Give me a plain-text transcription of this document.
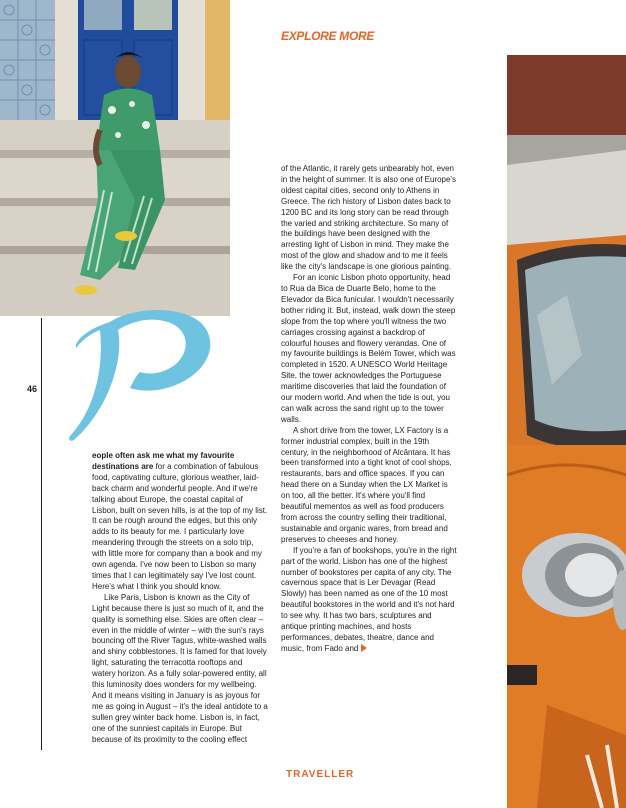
EXPLORE MORE
46

eople often ask me what my favourite destinations are for a combination of fabulous food, captivating culture, glorious weather, laid-back charm and wonderful people. And if we're talking about Europe, the coastal capital of Lisbon, built on seven hills, is at the top of my list. It can be rough around the edges, but this only adds to its beauty for me. I particularly love meandering through the streets on a solo trip, with little more for company than a book and my own agenda. I've now been to Lisbon so many times that I can legitimately say I've lost count. Here's what I think you should know.

Like Paris, Lisbon is known as the City of Light because there is just so much of it, and the quality is something else. Skies are often clear – even in the middle of winter – with the sun's rays bouncing off the River Tagus, white-washed walls and shiny cobblestones. It is famed for that lovely light, saturating the terracotta rooftops and watery horizon. As a fully solar-powered entity, all this luminosity does wonders for my wellbeing. And it means visiting in January is as joyous for me as going in August – it's the ideal antidote to a sullen grey winter back home. Lisbon is, in fact, one of the sunniest capitals in Europe. But because of its proximity to the cooling effect

of the Atlantic, it rarely gets unbearably hot, even in the height of summer. It is also one of Europe's oldest capital cities, second only to Athens in Greece. The rich history of Lisbon dates back to 1200 BC and its long story can be read through the varied and striking architecture. So many of the buildings have been designed with the arresting light of Lisbon in mind. They make the most of the glow and shadow and to me it feels like the city's landscape is one glorious painting.

For an iconic Lisbon photo opportunity, head to Rua da Bica de Duarte Belo, home to the Elevador da Bica funicular. I wouldn't necessarily bother riding it. But, instead, walk down the steep slope from the top where you'll witness the two carriages crossing against a backdrop of colourful houses and flowery verandas. One of my favourite buildings is Belém Tower, which was completed in 1520. A UNESCO World Heritage Site, the tower acknowledges the Portuguese maritime discoveries that laid the foundation of our modern world. And when the tide is out, you can walk across the sand right up to the tower walls.

A short drive from the tower, LX Factory is a former industrial complex, built in the 19th century, in the neighborhood of Alcântara. It has been transformed into a tight knot of cool shops, restaurants, bars and office spaces. If you can head there on a Sunday when the LX Market is on too, all the better. It's where you'll find beautiful mementos as well as food producers from across the country selling their traditional, sustainable and organic wares, from bread and preserves to cheeses and honey.

If you're a fan of bookshops, you're in the right part of the world. Lisbon has one of the highest number of bookstores per capita of any city. The cavernous space that is Ler Devagar (Read Slowly) has been named as one of the 10 most beautiful bookstores in the world and it's not hard to see why. It has two bars, sculptures and antique printing machines, and hosts performances, debates, theatre, dance and music, from Fado and

TRAVELLER
